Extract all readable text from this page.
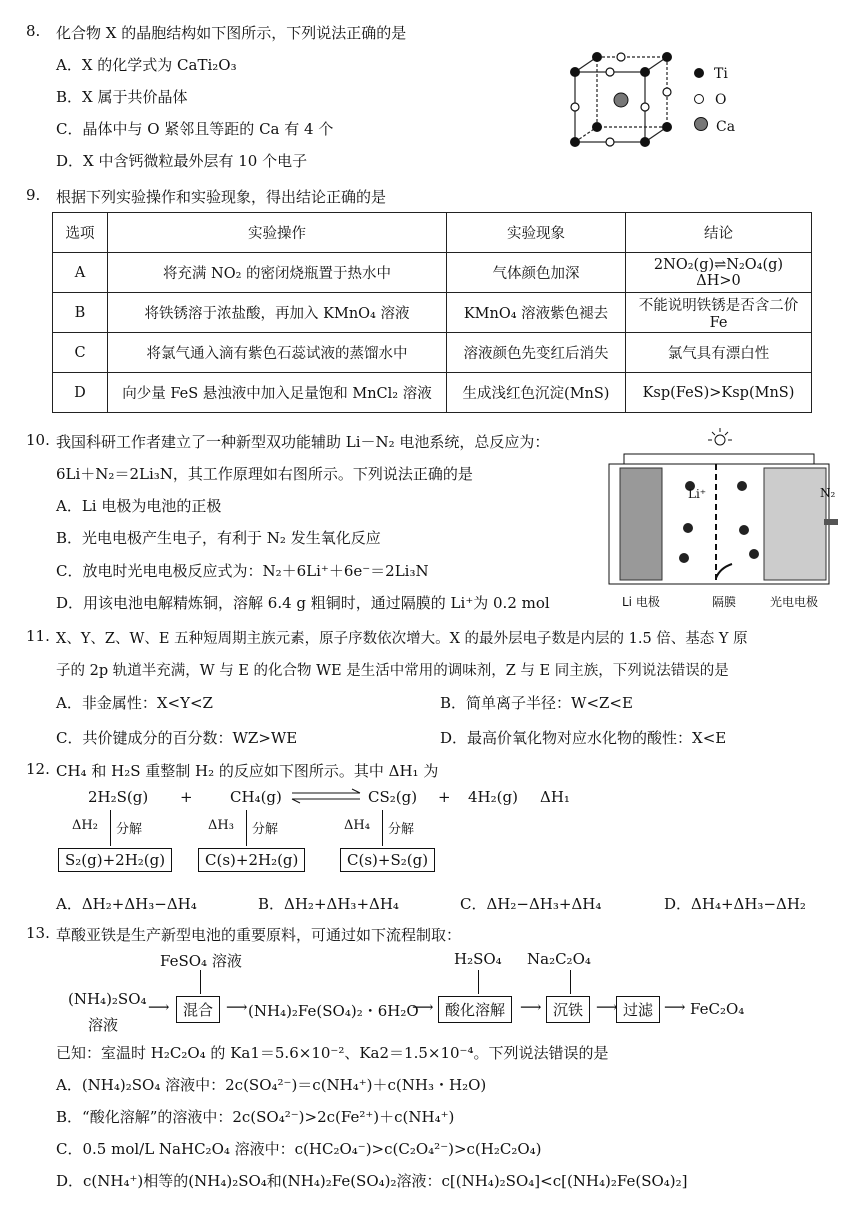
8. 化合物 X 的晶胞结构如下图所示，下列说法正确的是
A．X 的化学式为 CaTi₂O₃
B．X 属于共价晶体
C．晶体中与 O 紧邻且等距的 Ca 有 4 个
D．X 中含钙微粒最外层有 10 个电子
Ti
O
Ca
9. 根据下列实验操作和实验现象，得出结论正确的是
选项	实验操作	实验现象	结论
A	将充满 NO₂ 的密闭烧瓶置于热水中	气体颜色加深	2NO₂(g)⇌N₂O₄(g) ΔH>0
B	将铁锈溶于浓盐酸，再加入 KMnO₄ 溶液	KMnO₄ 溶液紫色褪去	不能说明铁锈是否含二价 Fe
C	将氯气通入滴有紫色石蕊试液的蒸馏水中	溶液颜色先变红后消失	氯气具有漂白性
D	向少量 FeS 悬浊液中加入足量饱和 MnCl₂ 溶液	生成浅红色沉淀(MnS)	Ksp(FeS)>Ksp(MnS)
10. 我国科研工作者建立了一种新型双功能辅助 Li－N₂ 电池系统，总反应为：
6Li＋N₂＝2Li₃N，其工作原理如右图所示。下列说法正确的是
A．Li 电极为电池的正极
B．光电电极产生电子，有利于 N₂ 发生氧化反应
C．放电时光电电极反应式为：N₂＋6Li⁺＋6e⁻＝2Li₃N
D．用该电池电解精炼铜，溶解 6.4 g 粗铜时，通过隔膜的 Li⁺为 0.2 mol
Li⁺	N₂
Li 电极	隔膜	光电电极
11. X、Y、Z、W、E 五种短周期主族元素，原子序数依次增大。X 的最外层电子数是内层的 1.5 倍、基态 Y 原
子的 2p 轨道半充满，W 与 E 的化合物 WE 是生活中常用的调味剂，Z 与 E 同主族，下列说法错误的是
A．非金属性：X<Y<Z	B．简单离子半径：W<Z<E
C．共价键成分的百分数：WZ>WE	D．最高价氧化物对应水化物的酸性：X<E
12. CH₄ 和 H₂S 重整制 H₂ 的反应如下图所示。其中 ΔH₁ 为
2H₂S(g) + CH₄(g)	CS₂(g) + 4H₂(g) ΔH₁
ΔH₂ 分解	ΔH₃ 分解	ΔH₄ 分解
S₂(g)+2H₂(g)	C(s)+2H₂(g)	C(s)+S₂(g)
A．ΔH₂+ΔH₃−ΔH₄	B．ΔH₂+ΔH₃+ΔH₄	C．ΔH₂−ΔH₃+ΔH₄	D．ΔH₄+ΔH₃−ΔH₂
13. 草酸亚铁是生产新型电池的重要原料，可通过如下流程制取：
FeSO₄ 溶液	H₂SO₄ Na₂C₂O₄
(NH₄)₂SO₄
溶液
⟶ 混合 ⟶ (NH₄)₂Fe(SO₄)₂・6H₂O
⟶ 酸化溶解 ⟶ 沉铁 ⟶ 过滤 ⟶ FeC₂O₄
已知：室温时 H₂C₂O₄ 的 Ka1＝5.6×10⁻²、Ka2＝1.5×10⁻⁴。下列说法错误的是
A．(NH₄)₂SO₄ 溶液中：2c(SO₄²⁻)＝c(NH₄⁺)＋c(NH₃・H₂O)
B．“酸化溶解”的溶液中：2c(SO₄²⁻)>2c(Fe²⁺)＋c(NH₄⁺)
C．0.5 mol/L NaHC₂O₄ 溶液中：c(HC₂O₄⁻)>c(C₂O₄²⁻)>c(H₂C₂O₄)
D．c(NH₄⁺)相等的(NH₄)₂SO₄和(NH₄)₂Fe(SO₄)₂溶液：c[(NH₄)₂SO₄]<c[(NH₄)₂Fe(SO₄)₂]
